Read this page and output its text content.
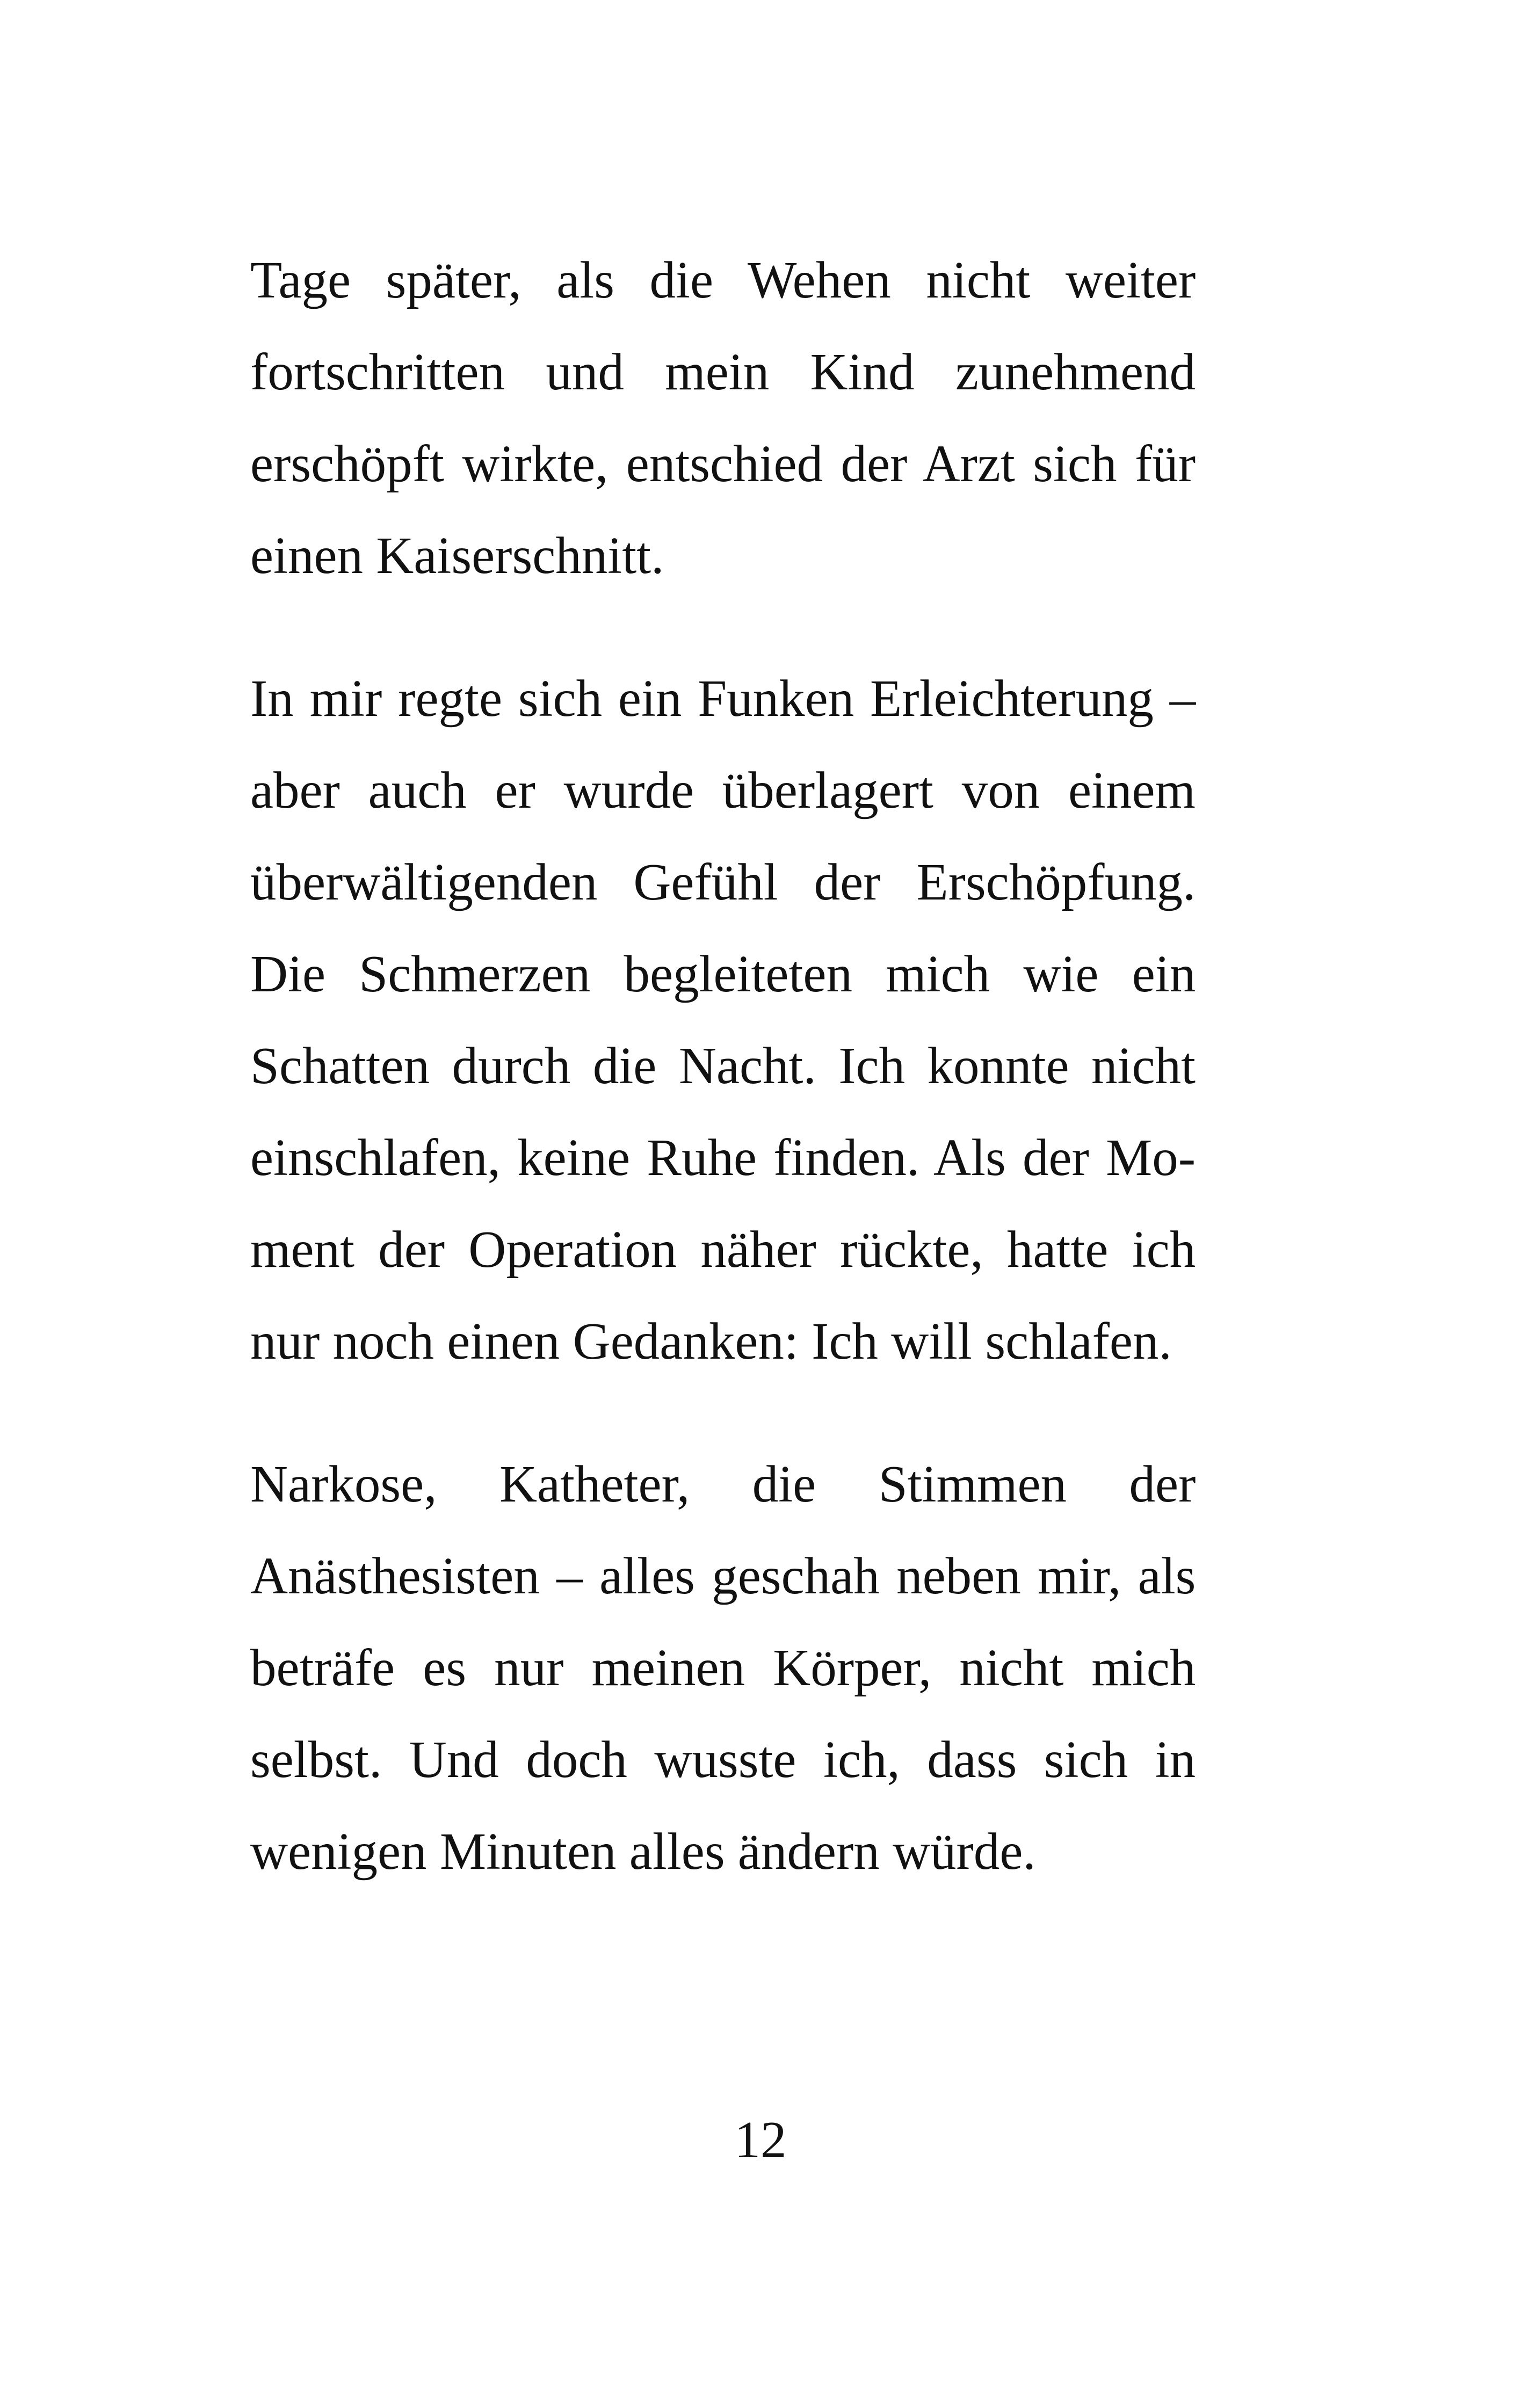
Tage später, als die Wehen nicht weiter
fortschritten und mein Kind zunehmend
erschöpft wirkte, entschied der Arzt sich für
einen Kaiserschnitt.

In mir regte sich ein Funken Erleichterung –
aber auch er wurde überlagert von einem
überwältigenden Gefühl der Erschöpfung.
Die Schmerzen begleiteten mich wie ein
Schatten durch die Nacht. Ich konnte nicht
einschlafen, keine Ruhe finden. Als der Mo-
ment der Operation näher rückte, hatte ich
nur noch einen Gedanken: Ich will schlafen.

Narkose, Katheter, die Stimmen der
Anästhesisten – alles geschah neben mir, als
beträfe es nur meinen Körper, nicht mich
selbst. Und doch wusste ich, dass sich in
wenigen Minuten alles ändern würde.

12
